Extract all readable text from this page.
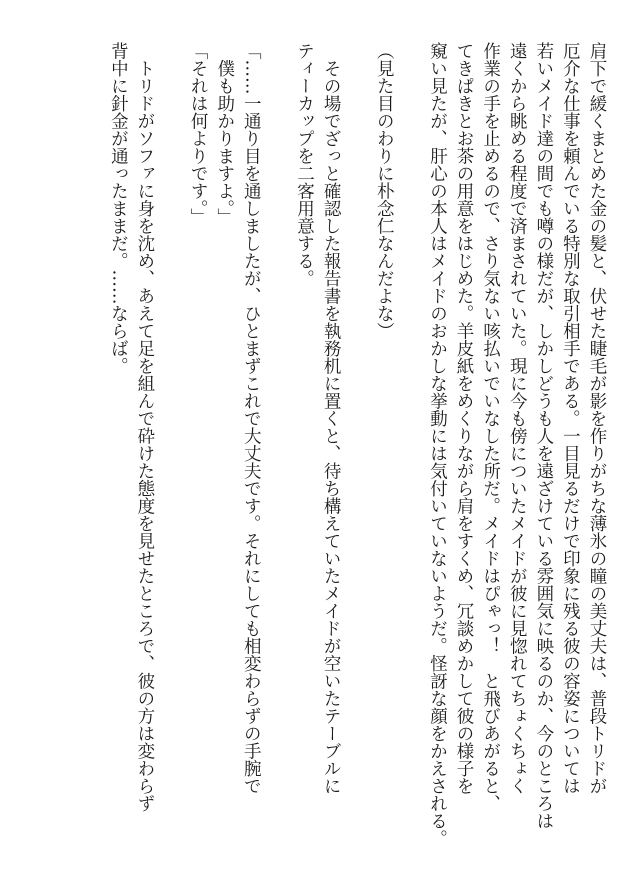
肩下で緩くまとめた金の髪と、伏せた睫毛が影を作りがちな薄氷の瞳の美丈夫は、普段トリドが
厄介な仕事を頼んでいる特別な取引相手である。一目見るだけで印象に残る彼の容姿については
若いメイド達の間でも噂の様だが、しかしどうも人を遠ざけている雰囲気に映るのか、今のところは
遠くから眺める程度で済まされていた。現に今も傍についたメイドが彼に見惚れてちょくちょく
作業の手を止めるので、さり気ない咳払いでいなした所だ。メイドはぴゃっ！　と飛びあがると、
てきぱきとお茶の用意をはじめた。羊皮紙をめくりながら肩をすくめ、冗談めかして彼の様子を
窺い見たが、肝心の本人はメイドのおかしな挙動には気付いていないようだ。怪訝な顔をかえされる。
（見た目のわりに朴念仁なんだよな）
　その場でざっと確認した報告書を執務机に置くと、待ち構えていたメイドが空いたテーブルに
ティーカップを二客用意する。
「……一通り目を通しましたが、ひとまずこれで大丈夫です。それにしても相変わらずの手腕で
　僕も助かりますよ。」
「それは何よりです。」
　トリドがソファに身を沈め、あえて足を組んで砕けた態度を見せたところで、彼の方は変わらず
背中に針金が通ったままだ。……ならば。
